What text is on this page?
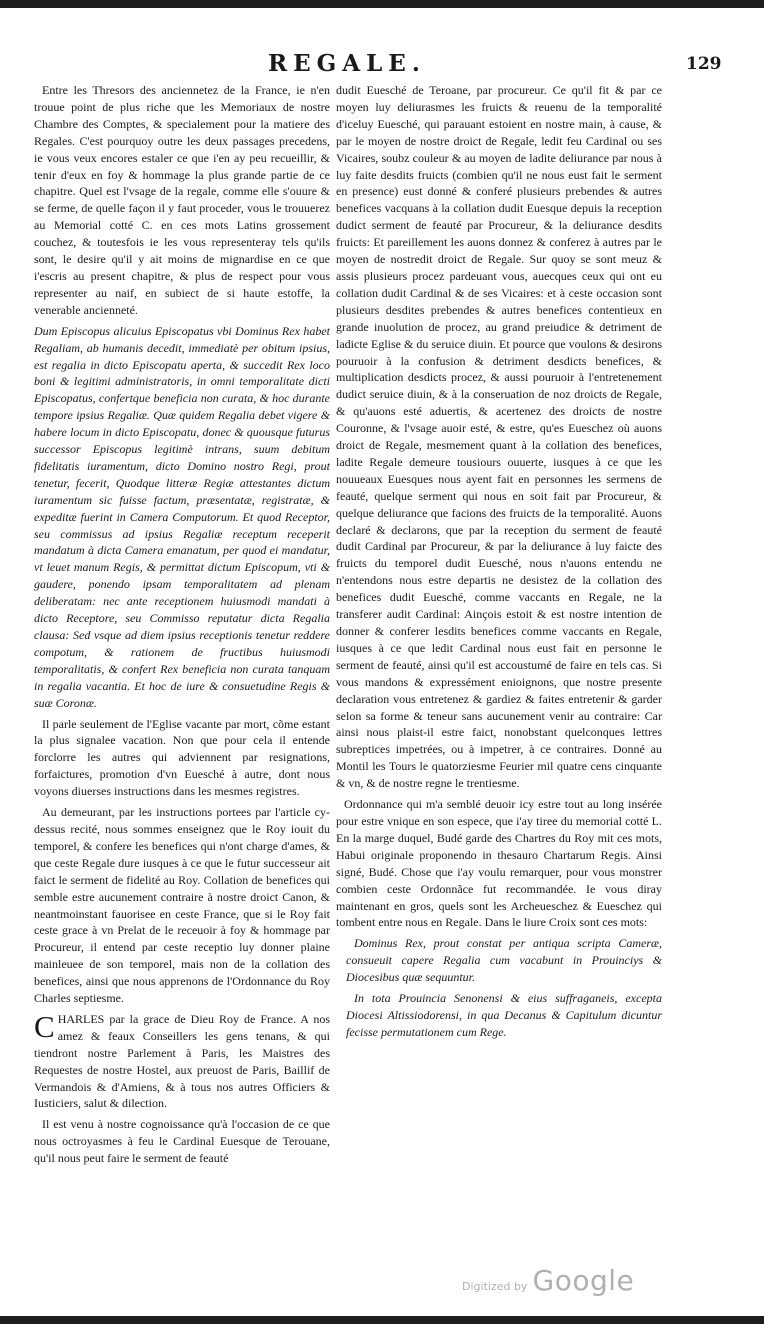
REGALE.	129

Entre les Thresors des anciennetez de la France, ie n'en trouue point de plus riche que les Memoriaux de nostre Chambre des Comptes, & specialement pour la matiere des Regales. C'est pourquoy outre les deux passages precedens, ie vous veux encores estaler ce que i'en ay peu recueillir, & tenir d'eux en foy & hommage la plus grande partie de ce chapitre. Quel est l'vsage de la regale, comme elle s'ouure & se ferme, de quelle façon il y faut proceder, vous le trouuerez au Memorial cotté C. en ces mots Latins grossement couchez, & toutesfois ie les vous representeray tels qu'ils sont, le desire qu'il y ait moins de mignardise en ce que i'escris au present chapitre, & plus de respect pour vous representer au naif, en subiect de si haute estoffe, la venerable ancienneté.

Dum Episcopus alicuius Episcopatus vbi Dominus Rex habet Regaliam, ab humanis decedit, immediatè per obitum ipsius, est regalia in dicto Episcopatu aperta, & succedit Rex loco boni & legitimi administratoris, in omni temporalitate dicti Episcopatus, confertque beneficia non curata, & hoc durante tempore ipsius Regaliæ. Quæ quidem Regalia debet vigere & habere locum in dicto Episcopatu, donec & quousque futurus successor Episcopus legitimè intrans, suum debitum fidelitatis iuramentum, dicto Domino nostro Regi, prout tenetur, fecerit, Quodque litteræ Regiæ attestantes dictum iuramentum sic fuisse factum, præsentatæ, registratæ, & expeditæ fuerint in Camera Computorum. Et quod Receptor, seu commissus ad ipsius Regaliæ receptum receperit mandatum à dicta Camera emanatum, per quod ei mandatur, vt leuet manum Regis, & permittat dictum Episcopum, vti & gaudere, ponendo ipsam temporalitatem ad plenam deliberatam: nec ante receptionem huiusmodi mandati à dicto Receptore, seu Commisso reputatur dicta Regalia clausa: Sed vsque ad diem ipsius receptionis tenetur reddere compotum, & rationem de fructibus huiusmodi temporalitatis, & confert Rex beneficia non curata tanquam in regalia vacantia. Et hoc de iure & consuetudine Regis & suæ Coronæ.

Il parle seulement de l'Eglise vacante par mort, cõme estant la plus signalee vacation. Non que pour cela il entende forclorre les autres qui adviennent par resignations, forfaictures, promotion d'vn Euesché à autre, dont nous voyons diuerses instructions dans les mesmes registres.

Au demeurant, par les instructions portees par l'article cy-dessus recité, nous sommes enseignez que le Roy iouit du temporel, & confere les benefices qui n'ont charge d'ames, & que ceste Regale dure iusques à ce que le futur successeur ait faict le serment de fidelité au Roy. Collation de benefices qui semble estre aucunement contraire à nostre droict Canon, & neantmoinstant fauorisee en ceste France, que si le Roy fait ceste grace à vn Prelat de le receuoir à foy & hommage par Procureur, il entend par ceste receptio luy donner plaine mainleuee de son temporel, mais non de la collation des benefices, ainsi que nous apprenons de l'Ordonnance du Roy Charles septiesme.

CHARLES par la grace de Dieu Roy de France. A nos amez & feaux Conseillers les gens tenans, & qui tiendront nostre Parlement à Paris, les Maistres des Requestes de nostre Hostel, aux preuost de Paris, Baillif de Vermandois & d'Amiens, & à tous nos autres Officiers & Iusticiers, salut & dilection.

Il est venu à nostre cognoissance qu'à l'occasion de ce que nous octroyasmes à feu le Cardinal Euesque de Terouane, qu'il nous peut faire le serment de feauté

dudit Euesché de Teroane, par procureur. Ce qu'il fit & par ce moyen luy deliurasmes les fruicts & reuenu de la temporalité d'iceluy Euesché, qui parauant estoient en nostre main, à cause, & par le moyen de nostre droict de Regale, ledit feu Cardinal ou ses Vicaires, soubz couleur & au moyen de ladite deliurance par nous à luy faite desdits fruicts (combien qu'il ne nous eust fait le serment en presence) eust donné & conferé plusieurs prebendes & autres benefices vacquans à la collation dudit Euesque depuis la reception dudict serment de feauté par Procureur, & la deliurance desdits fruicts: Et pareillement les auons donnez & conferez à autres par le moyen de nostredit droict de Regale. Sur quoy se sont meuz & assis plusieurs procez pardeuant vous, auecques ceux qui ont eu collation dudit Cardinal & de ses Vicaires: et à ceste occasion sont plusieurs desdites prebendes & autres benefices contentieux en grande inuolution de procez, au grand preiudice & detriment de ladicte Eglise & du seruice diuin. Et pource que voulons & desirons pouruoir à la confusion & detriment desdicts benefices, & multiplication desdicts procez, & aussi pouruoir à l'entretenement dudict seruice diuin, & à la conseruation de noz droicts de Regale, & qu'auons esté aduertis, & acertenez des droicts de nostre Couronne, & l'vsage auoir esté, & estre, qu'es Eueschez où auons droict de Regale, mesmement quant à la collation des benefices, ladite Regale demeure tousiours ouuerte, iusques à ce que les nouueaux Euesques nous ayent fait en personnes les sermens de feauté, quelque serment qui nous en soit fait par Procureur, & quelque deliurance que facions des fruicts de la temporalité. Auons declaré & declarons, que par la reception du serment de feauté dudit Cardinal par Procureur, & par la deliurance à luy faicte des fruicts du temporel dudit Euesché, nous n'auons entendu ne n'entendons nous estre departis ne desistez de la collation des benefices dudit Euesché, comme vaccants en Regale, ne la transferer audit Cardinal: Ainçois estoit & est nostre intention de donner & conferer lesdits benefices comme vaccants en Regale, iusques à ce que ledit Cardinal nous eust fait en personne le serment de feauté, ainsi qu'il est accoustumé de faire en tels cas. Si vous mandons & expressément enioignons, que nostre presente declaration vous entretenez & gardiez & faites entretenir & garder selon sa forme & teneur sans aucunement venir au contraire: Car ainsi nous plaist-il estre faict, nonobstant quelconques lettres subreptices impetrées, ou à impetrer, à ce contraires. Donné au Montil les Tours le quatorziesme Feurier mil quatre cens cinquante & vn, & de nostre regne le trentiesme.

Ordonnance qui m'a semblé deuoir icy estre tout au long insérée pour estre vnique en son espece, que i'ay tiree du memorial cotté L. En la marge duquel, Budé garde des Chartres du Roy mit ces mots, Habui originale proponendo in thesauro Chartarum Regis. Ainsi signé, Budé. Chose que i'ay voulu remarquer, pour vous monstrer combien ceste Ordonnãce fut recommandée. Ie vous diray maintenant en gros, quels sont les Archeueschez & Eueschez qui tombent entre nous en Regale. Dans le liure Croix sont ces mots:

Dominus Rex, prout constat per antiqua scripta Cameræ, consueuit capere Regalia cum vacabunt in Prouinciys & Diocesibus quæ sequuntur.

In tota Prouincia Senonensi & eius suffraganeis, excepta Diocesi Altissiodorensi, in qua Decanus & Capitulum dicuntur fecisse permutationem cum Rege.

Digitized by Google
